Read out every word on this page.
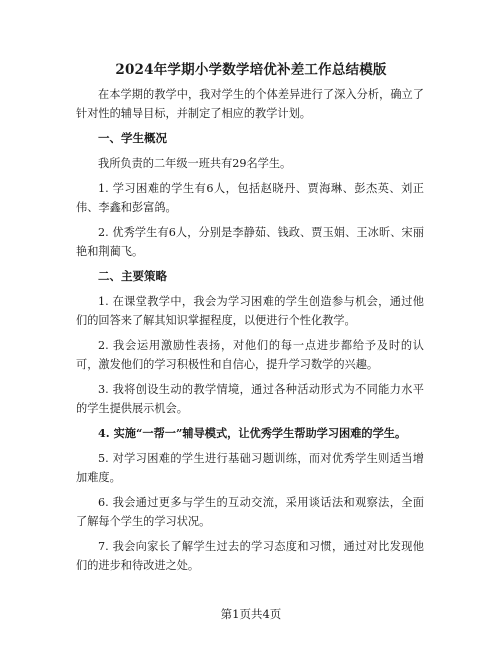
2024年学期小学数学培优补差工作总结模版

在本学期的教学中，我对学生的个体差异进行了深入分析，确立了针对性的辅导目标，并制定了相应的教学计划。

一、学生概况

我所负责的二年级一班共有29名学生。

1. 学习困难的学生有6人，包括赵晓丹、贾海琳、彭杰英、刘正伟、李鑫和彭富鸽。

2. 优秀学生有6人，分别是李静茹、钱政、贾玉娟、王冰昕、宋丽艳和荆蔺飞。

二、主要策略

1. 在课堂教学中，我会为学习困难的学生创造参与机会，通过他们的回答来了解其知识掌握程度，以便进行个性化教学。

2. 我会运用激励性表扬，对他们的每一点进步都给予及时的认可，激发他们的学习积极性和自信心，提升学习数学的兴趣。

3. 我将创设生动的教学情境，通过各种活动形式为不同能力水平的学生提供展示机会。

4. 实施“一帮一”辅导模式，让优秀学生帮助学习困难的学生。

5. 对学习困难的学生进行基础习题训练，而对优秀学生则适当增加难度。

6. 我会通过更多与学生的互动交流，采用谈话法和观察法，全面了解每个学生的学习状况。

7. 我会向家长了解学生过去的学习态度和习惯，通过对比发现他们的进步和待改进之处。

第1页共4页
